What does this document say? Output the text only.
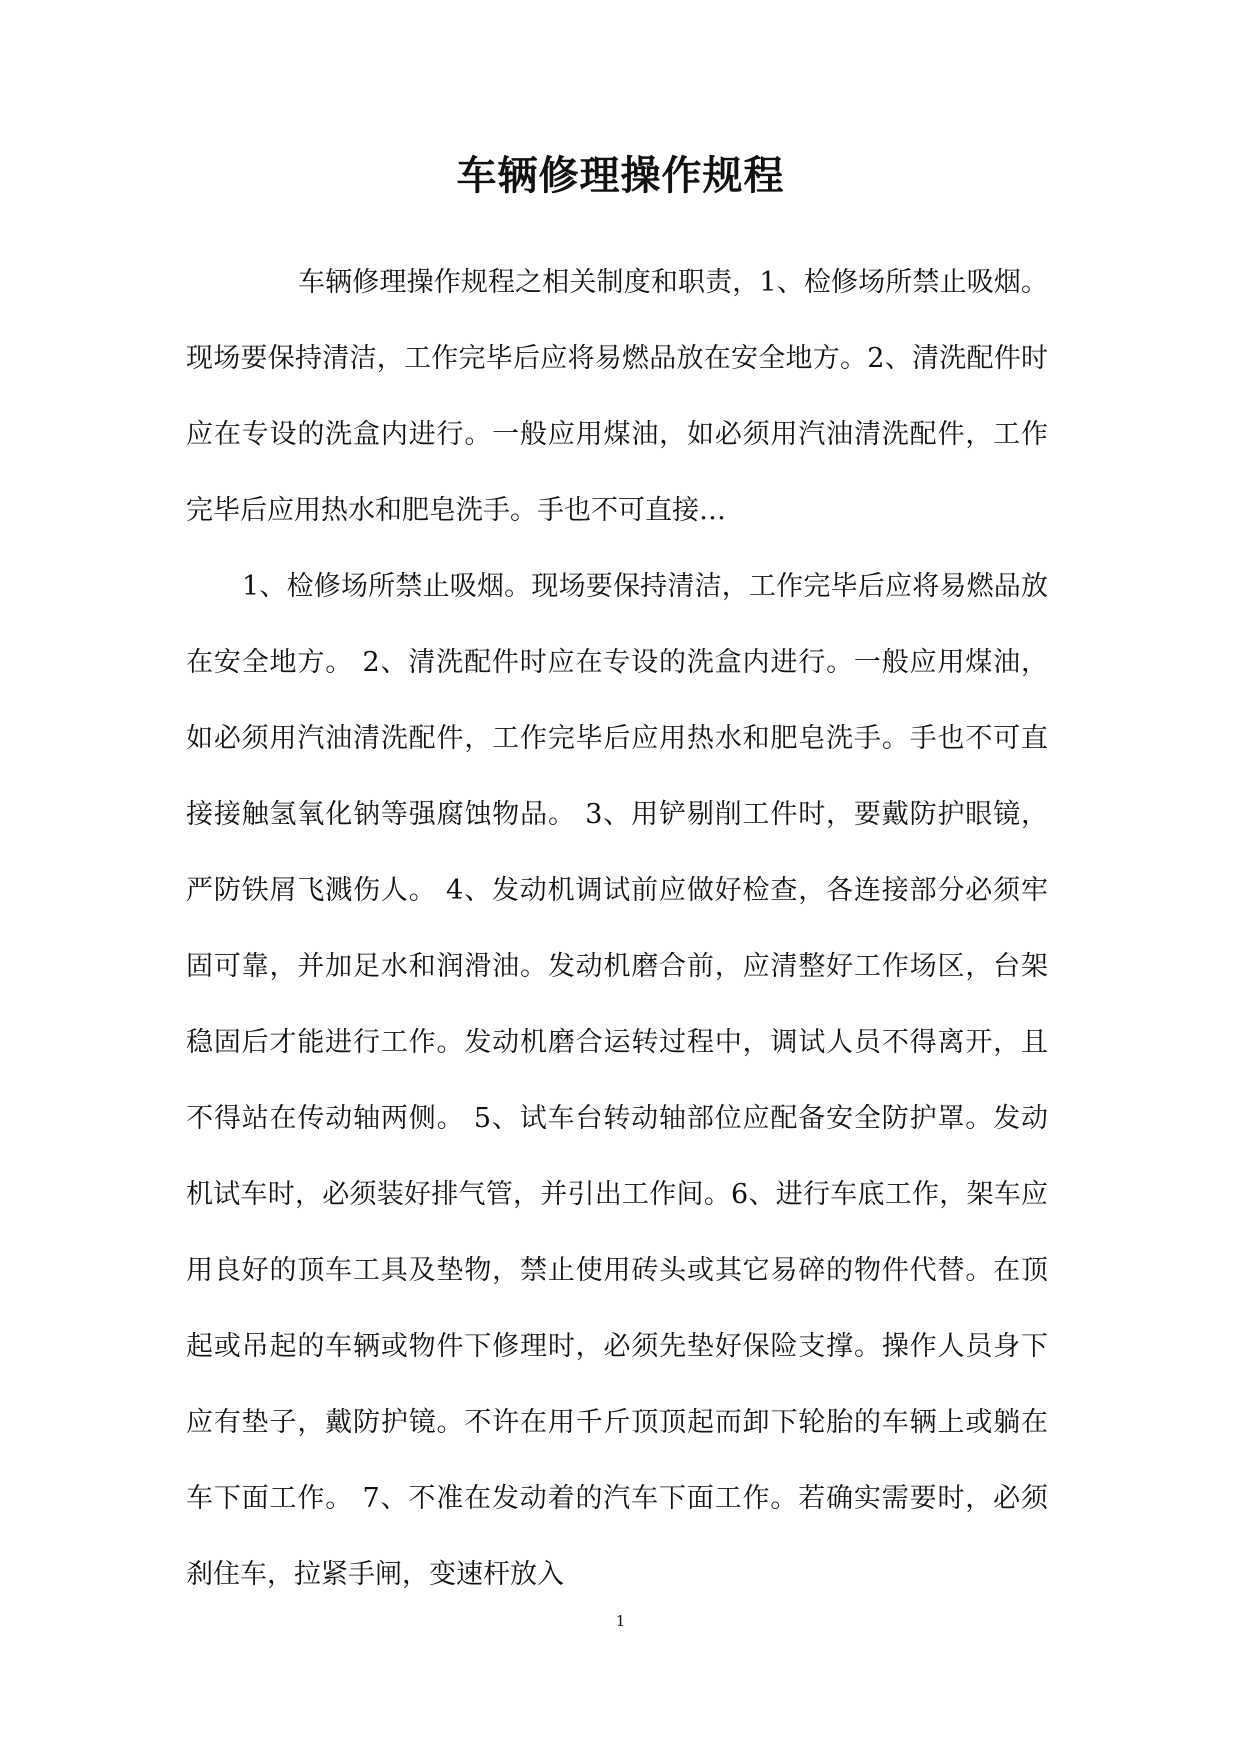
车辆修理操作规程

车辆修理操作规程之相关制度和职责，1、检修场所禁止吸烟。现场要保持清洁，工作完毕后应将易燃品放在安全地方。2、清洗配件时应在专设的洗盒内进行。一般应用煤油，如必须用汽油清洗配件，工作完毕后应用热水和肥皂洗手。手也不可直接…

1、检修场所禁止吸烟。现场要保持清洁，工作完毕后应将易燃品放在安全地方。 2、清洗配件时应在专设的洗盒内进行。一般应用煤油，如必须用汽油清洗配件，工作完毕后应用热水和肥皂洗手。手也不可直接接触氢氧化钠等强腐蚀物品。 3、用铲剔削工件时，要戴防护眼镜，严防铁屑飞溅伤人。 4、发动机调试前应做好检查，各连接部分必须牢固可靠，并加足水和润滑油。发动机磨合前，应清整好工作场区，台架稳固后才能进行工作。发动机磨合运转过程中，调试人员不得离开，且不得站在传动轴两侧。 5、试车台转动轴部位应配备安全防护罩。发动机试车时，必须装好排气管，并引出工作间。6、进行车底工作，架车应用良好的顶车工具及垫物，禁止使用砖头或其它易碎的物件代替。在顶起或吊起的车辆或物件下修理时，必须先垫好保险支撑。操作人员身下应有垫子，戴防护镜。不许在用千斤顶顶起而卸下轮胎的车辆上或躺在车下面工作。 7、不准在发动着的汽车下面工作。若确实需要时，必须刹住车，拉紧手闸，变速杆放入

1
